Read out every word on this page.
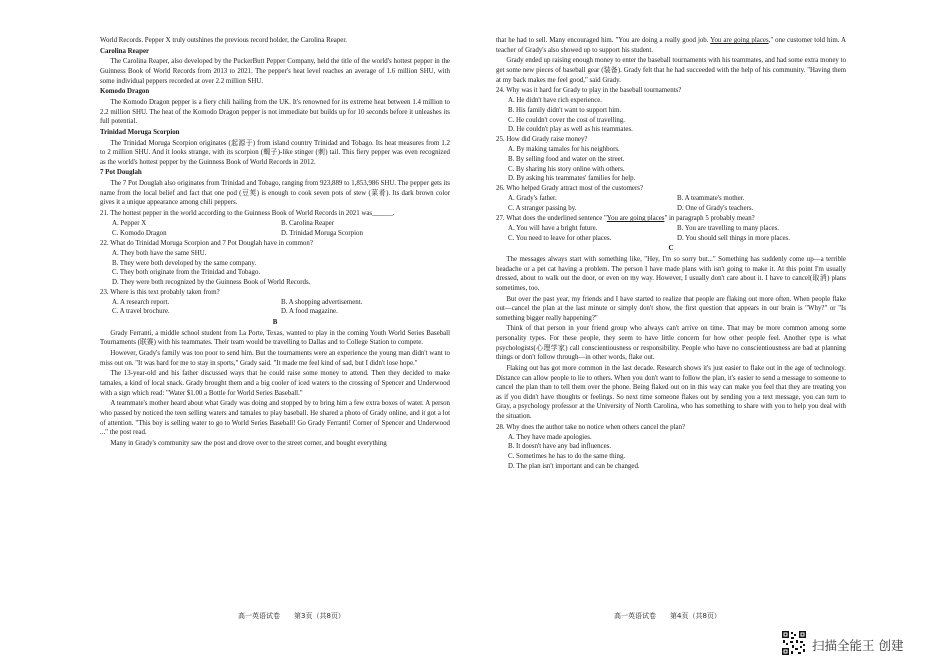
World Records. Pepper X truly outshines the previous record holder, the Carolina Reaper.
Carolina Reaper
The Carolina Reaper, also developed by the PuckerButt Pepper Company, held the title of the world's hottest pepper in the Guinness Book of World Records from 2013 to 2021. The pepper's heat level reaches an average of 1.6 million SHU, with some individual peppers recorded at over 2.2 million SHU.
Komodo Dragon
The Komodo Dragon pepper is a fiery chili hailing from the UK. It's renowned for its extreme heat between 1.4 million to 2.2 million SHU. The heat of the Komodo Dragon pepper is not immediate but builds up for 10 seconds before it unleashes its full potential.
Trinidad Moruga Scorpion
The Trinidad Moruga Scorpion originates (起源于) from island country Trinidad and Tobago. Its heat measures from 1.2 to 2 million SHU. And it looks strange, with its scorpion (蝎子)-like stinger (刺) tail. This fiery pepper was even recognized as the world's hottest pepper by the Guinness Book of World Records in 2012.
7 Pot Douglah
The 7 Pot Douglah also originates from Trinidad and Tobago, ranging from 923,889 to 1,853,986 SHU. The pepper gets its name from the local belief and fact that one pod (豆荚) is enough to cook seven pots of stew (菜肴). Its dark brown color gives it a unique appearance among chili peppers.
21. The hottest pepper in the world according to the Guinness Book of World Records in 2021 was______.
A. Pepper X	B. Carolina Reaper
C. Komodo Dragon	D. Trinidad Moruga Scorpion
22. What do Trinidad Moruga Scorpion and 7 Pot Douglah have in common?
A. They both have the same SHU.
B. They were both developed by the same company.
C. They both originate from the Trinidad and Tobago.
D. They were both recognized by the Guinness Book of World Records.
23. Where is this text probably taken from?
A. A research report.	B. A shopping advertisement.
C. A travel brochure.	D. A food magazine.
B
Grady Ferranti, a middle school student from La Porte, Texas, wanted to play in the coming Youth World Series Baseball Tournaments (联赛) with his teammates. Their team would be travelling to Dallas and to College Station to compete.
However, Grady's family was too poor to send him. But the tournaments were an experience the young man didn't want to miss out on. "It was hard for me to stay in sports," Grady said. "It made me feel kind of sad, but I didn't lose hope."
The 13-year-old and his father discussed ways that he could raise some money to attend. Then they decided to make tamales, a kind of local snack. Grady brought them and a big cooler of iced waters to the crossing of Spencer and Underwood with a sign which read: "Water $1.00 a Bottle for World Series Baseball."
A teammate's mother heard about what Grady was doing and stopped by to bring him a few extra boxes of water. A person who passed by noticed the teen selling waters and tamales to play baseball. He shared a photo of Grady online, and it got a lot of attention. "This boy is selling water to go to World Series Baseball! Go Grady Ferranti! Corner of Spencer and Underwood ..." the post read.
Many in Grady's community saw the post and drove over to the street corner, and bought everything
that he had to sell. Many encouraged him. "You are doing a really good job. You are going places," one customer told him. A teacher of Grady's also showed up to support his student.
Grady ended up raising enough money to enter the baseball tournaments with his teammates, and had some extra money to get some new pieces of baseball gear (装备). Grady felt that he had succeeded with the help of his community. "Having them at my back makes me feel good," said Grady.
24. Why was it hard for Grady to play in the baseball tournaments?
A. He didn't have rich experience.
B. His family didn't want to support him.
C. He couldn't cover the cost of travelling.
D. He couldn't play as well as his teammates.
25. How did Grady raise money?
A. By making tamales for his neighbors.
B. By selling food and water on the street.
C. By sharing his story online with others.
D. By asking his teammates' families for help.
26. Who helped Grady attract most of the customers?
A. Grady's father.	B. A teammate's mother.
C. A stranger passing by.	D. One of Grady's teachers.
27. What does the underlined sentence "You are going places" in paragraph 5 probably mean?
A. You will have a bright future.	B. You are travelling to many places.
C. You need to leave for other places.	D. You should sell things in more places.
C
The messages always start with something like, "Hey, I'm so sorry but..." Something has suddenly come up—a terrible headache or a pet cat having a problem. The person I have made plans with isn't going to make it. At this point I'm usually dressed, about to walk out the door, or even on my way. However, I usually don't care about it. I have to cancel(取消) plans sometimes, too.
But over the past year, my friends and I have started to realize that people are flaking out more often. When people flake out—cancel the plan at the last minute or simply don't show, the first question that appears in our brain is "Why?" or "Is something bigger really happening?"
Think of that person in your friend group who always can't arrive on time. That may be more common among some personality types. For these people, they seem to have little concern for how other people feel. Another type is what psychologists(心理学家) call conscientiousness or responsibility. People who have no conscientiousness are bad at planning things or don't follow through—in other words, flake out.
Flaking out has got more common in the last decade. Research shows it's just easier to flake out in the age of technology. Distance can allow people to lie to others. When you don't want to follow the plan, it's easier to send a message to someone to cancel the plan than to tell them over the phone. Being flaked out on in this way can make you feel that they are treating you as if you didn't have thoughts or feelings. So next time someone flakes out by sending you a text message, you can turn to Gray, a psychology professor at the University of North Carolina, who has something to share with you to help you deal with the situation.
28. Why does the author take no notice when others cancel the plan?
A. They have made apologies.
B. It doesn't have any bad influences.
C. Sometimes he has to do the same thing.
D. The plan isn't important and can be changed.
高一英语试卷　　第3页（共8页）	高一英语试卷　　第4页（共8页）
扫描全能王 创建
